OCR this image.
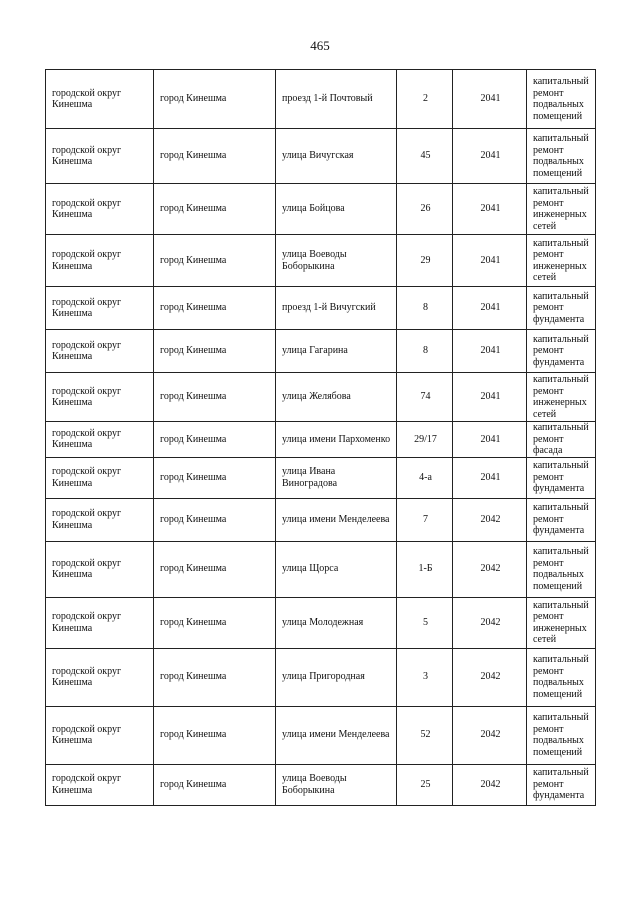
465
городской округ Кинешма	город Кинешма	проезд 1-й Почтовый	2	2041	капитальный ремонт подвальных помещений
городской округ Кинешма	город Кинешма	улица Вичугская	45	2041	капитальный ремонт подвальных помещений
городской округ Кинешма	город Кинешма	улица Бойцова	26	2041	капитальный ремонт инженерных сетей
городской округ Кинешма	город Кинешма	улица Воеводы Боборыкина	29	2041	капитальный ремонт инженерных сетей
городской округ Кинешма	город Кинешма	проезд 1-й Вичугский	8	2041	капитальный ремонт фундамента
городской округ Кинешма	город Кинешма	улица Гагарина	8	2041	капитальный ремонт фундамента
городской округ Кинешма	город Кинешма	улица Желябова	74	2041	капитальный ремонт инженерных сетей
городской округ Кинешма	город Кинешма	улица имени Пархоменко	29/17	2041	капитальный ремонт фасада
городской округ Кинешма	город Кинешма	улица Ивана Виноградова	4-а	2041	капитальный ремонт фундамента
городской округ Кинешма	город Кинешма	улица имени Менделеева	7	2042	капитальный ремонт фундамента
городской округ Кинешма	город Кинешма	улица Щорса	1-Б	2042	капитальный ремонт подвальных помещений
городской округ Кинешма	город Кинешма	улица Молодежная	5	2042	капитальный ремонт инженерных сетей
городской округ Кинешма	город Кинешма	улица Пригородная	3	2042	капитальный ремонт подвальных помещений
городской округ Кинешма	город Кинешма	улица имени Менделеева	52	2042	капитальный ремонт подвальных помещений
городской округ Кинешма	город Кинешма	улица Воеводы Боборыкина	25	2042	капитальный ремонт фундамента
